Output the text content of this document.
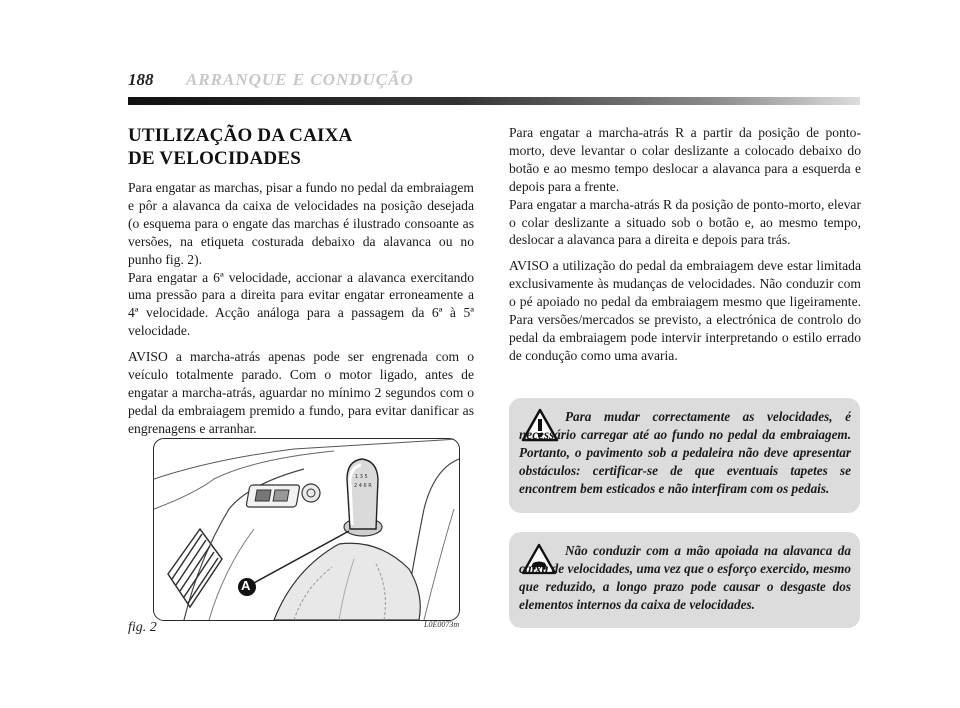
188 ARRANQUE E CONDUÇÃO
UTILIZAÇÃO DA CAIXA
DE VELOCIDADES

Para engatar as marchas, pisar a fundo no pedal da embraiagem e pôr a alavanca da caixa de velocidades na posição desejada (o esquema para o engate das marchas é ilustrado consoante as versões, na etiqueta costurada debaixo da alavanca ou no punho fig. 2).

Para engatar a 6ª velocidade, accionar a alavanca exercitando uma pressão para a direita para evitar engatar erroneamente a 4ª velocidade. Acção análoga para a passagem da 6ª à 5ª velocidade.

AVISO a marcha-atrás apenas pode ser engrenada com o veículo totalmente parado. Com o motor ligado, antes de engatar a marcha-atrás, aguardar no mínimo 2 segundos com o pedal da embraiagem premido a fundo, para evitar danificar as engrenagens e arranhar.

1 3 5
2 4 6 R
A
fig. 2	L0E0073m

Para engatar a marcha-atrás R a partir da posição de ponto-morto, deve levantar o colar deslizante a colocado debaixo do botão e ao mesmo tempo deslocar a alavanca para a esquerda e depois para a frente.

Para engatar a marcha-atrás R da posição de ponto-morto, elevar o colar deslizante a situado sob o botão e, ao mesmo tempo, deslocar a alavanca para a direita e depois para trás.

AVISO a utilização do pedal da embraiagem deve estar limitada exclusivamente às mudanças de velocidades. Não conduzir com o pé apoiado no pedal da embraiagem mesmo que ligeiramente. Para versões/mercados se previsto, a electrónica de controlo do pedal da embraiagem pode intervir interpretando o estilo errado de condução como uma avaria.

Para mudar correctamente as velocidades, é necessário carregar até ao fundo no pedal da embraiagem. Portanto, o pavimento sob a pedaleira não deve apresentar obstáculos: certificar-se de que eventuais tapetes se encontrem bem esticados e não interfiram com os pedais.

Não conduzir com a mão apoiada na alavanca da caixa de velocidades, uma vez que o esforço exercido, mesmo que reduzido, a longo prazo pode causar o desgaste dos elementos internos da caixa de velocidades.
